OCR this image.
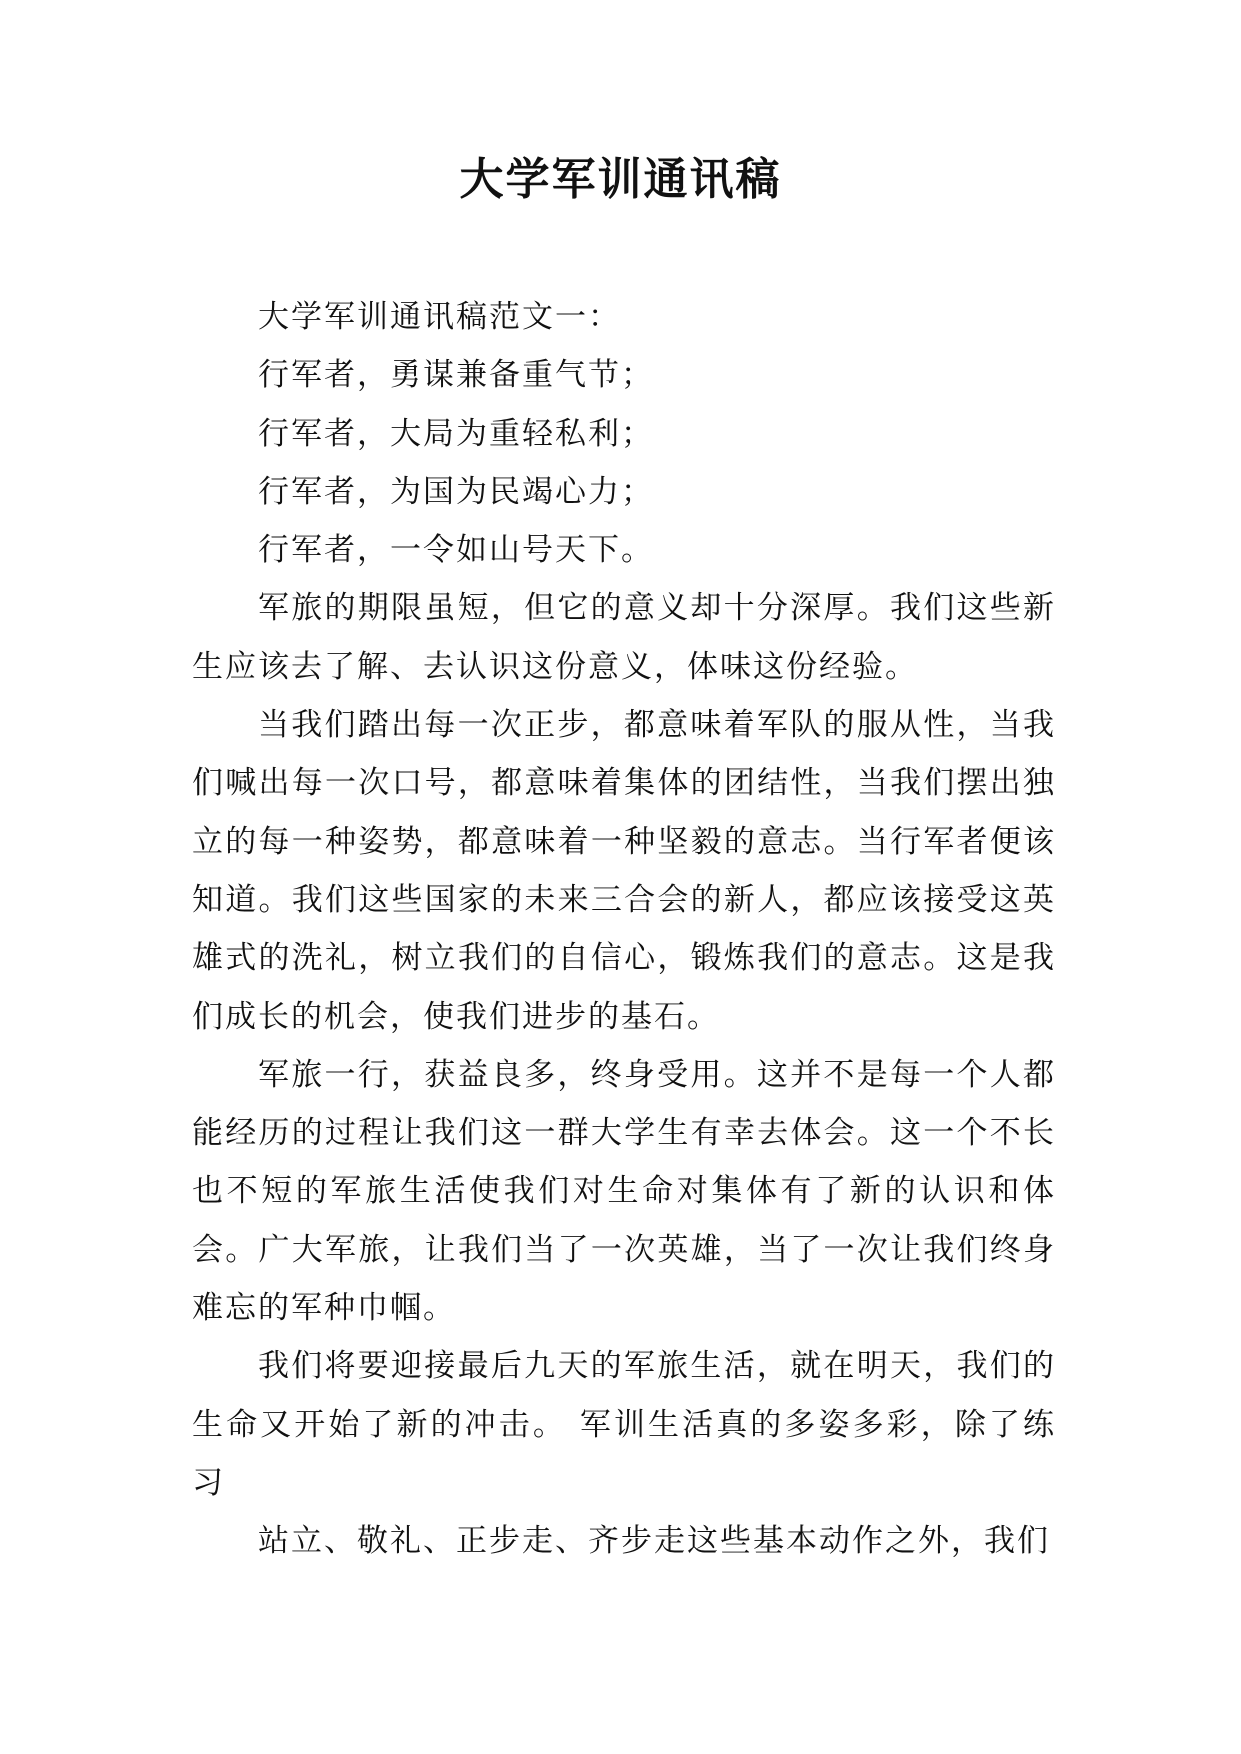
大学军训通讯稿

大学军训通讯稿范文一：

行军者，勇谋兼备重气节；

行军者，大局为重轻私利；

行军者，为国为民竭心力；

行军者，一令如山号天下。

军旅的期限虽短，但它的意义却十分深厚。我们这些新生应该去了解、去认识这份意义，体味这份经验。

当我们踏出每一次正步，都意味着军队的服从性，当我们喊出每一次口号，都意味着集体的团结性，当我们摆出独立的每一种姿势，都意味着一种坚毅的意志。当行军者便该知道。我们这些国家的未来三合会的新人，都应该接受这英雄式的洗礼，树立我们的自信心，锻炼我们的意志。这是我们成长的机会，使我们进步的基石。

军旅一行，获益良多，终身受用。这并不是每一个人都能经历的过程让我们这一群大学生有幸去体会。这一个不长也不短的军旅生活使我们对生命对集体有了新的认识和体会。广大军旅，让我们当了一次英雄，当了一次让我们终身难忘的军种巾帼。

我们将要迎接最后九天的军旅生活，就在明天，我们的生命又开始了新的冲击。 军训生活真的多姿多彩，除了练习

站立、敬礼、正步走、齐步走这些基本动作之外，我们
